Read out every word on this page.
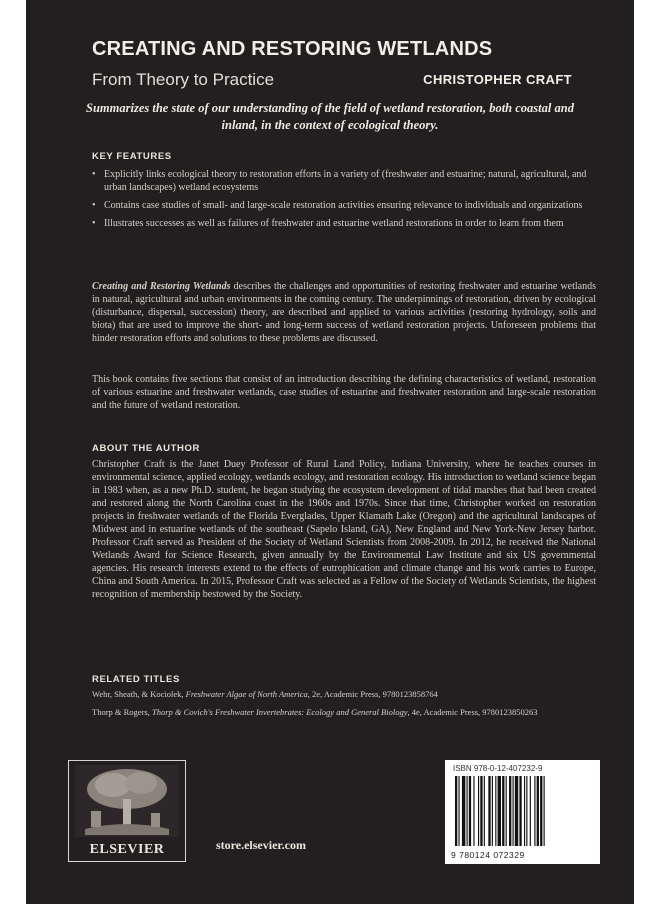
CREATING AND RESTORING WETLANDS
From Theory to Practice	CHRISTOPHER CRAFT
Summarizes the state of our understanding of the field of wetland restoration, both coastal and inland, in the context of ecological theory.
KEY FEATURES
• Explicitly links ecological theory to restoration efforts in a variety of (freshwater and estuarine; natural, agricultural, and urban landscapes) wetland ecosystems
• Contains case studies of small- and large-scale restoration activities ensuring relevance to individuals and organizations
• Illustrates successes as well as failures of freshwater and estuarine wetland restorations in order to learn from them
Creating and Restoring Wetlands describes the challenges and opportunities of restoring freshwater and estuarine wetlands in natural, agricultural and urban environments in the coming century. The underpinnings of restoration, driven by ecological (disturbance, dispersal, succession) theory, are described and applied to various activities (restoring hydrology, soils and biota) that are used to improve the short- and long-term success of wetland restoration projects. Unforeseen problems that hinder restoration efforts and solutions to these problems are discussed.
This book contains five sections that consist of an introduction describing the defining characteristics of wetland, restoration of various estuarine and freshwater wetlands, case studies of estuarine and freshwater restoration and large-scale restoration and the future of wetland restoration.
ABOUT THE AUTHOR
Christopher Craft is the Janet Duey Professor of Rural Land Policy, Indiana University, where he teaches courses in environmental science, applied ecology, wetlands ecology, and restoration ecology. His introduction to wetland science began in 1983 when, as a new Ph.D. student, he began studying the ecosystem development of tidal marshes that had been created and restored along the North Carolina coast in the 1960s and 1970s. Since that time, Christopher worked on restoration projects in freshwater wetlands of the Florida Everglades, Upper Klamath Lake (Oregon) and the agricultural landscapes of Midwest and in estuarine wetlands of the southeast (Sapelo Island, GA), New England and New York-New Jersey harbor. Professor Craft served as President of the Society of Wetland Scientists from 2008-2009. In 2012, he received the National Wetlands Award for Science Research, given annually by the Environmental Law Institute and six US governmental agencies. His research interests extend to the effects of eutrophication and climate change and his work carries to Europe, China and South America. In 2015, Professor Craft was selected as a Fellow of the Society of Wetlands Scientists, the highest recognition of membership bestowed by the Society.
RELATED TITLES
Wehr, Sheath, & Kociolek, Freshwater Algae of North America, 2e, Academic Press, 9780123858764
Thorp & Rogers, Thorp & Covich's Freshwater Invertebrates: Ecology and General Biology, 4e, Academic Press, 9780123850263
ELSEVIER	store.elsevier.com
ISBN 978-0-12-407232-9
9 780124 072329
